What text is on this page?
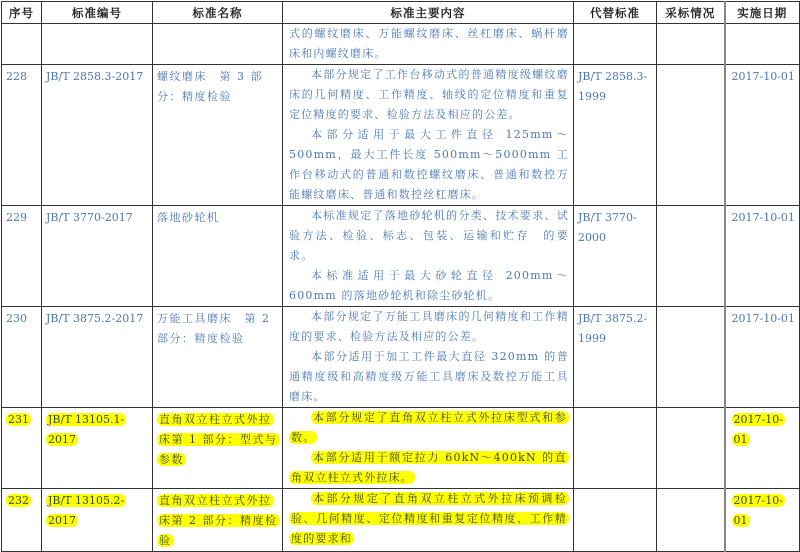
序号	标准编号	标准名称	标准主要内容	代替标准	采标情况	实施日期

			式的螺纹磨床、万能螺纹磨床、丝杠磨床、蜗杆磨床和内螺纹磨床。			

228	JB/T 2858.3-2017	螺纹磨床　第 3 部分：精度检验	本部分规定了工作台移动式的普通精度级螺纹磨床的几何精度、工作精度、轴线的定位精度和重复定位精度的要求、检验方法及相应的公差。
本部分适用于最大工件直径 125mm～500mm，最大工件长度 500mm～5000mm 工作台移动式的普通和数控螺纹磨床、普通和数控万能螺纹磨床、普通和数控丝杠磨床。	JB/T 2858.3-1999		2017-10-01
229	JB/T 3770-2017	落地砂轮机	本标准规定了落地砂轮机的分类、技术要求、试验方法、检验、标志、包装、运输和贮存　的要求。
本标准适用于最大砂轮直径 200mm～600mm 的落地砂轮机和除尘砂轮机。	JB/T 3770-2000		2017-10-01
230	JB/T 3875.2-2017	万能工具磨床　第 2 部分：精度检验	本部分规定了万能工具磨床的几何精度和工作精度的要求、检验方法及相应的公差。
本部分适用于加工工件最大直径 320mm 的普通精度级和高精度级万能工具磨床及数控万能工具磨床。	JB/T 3875.2-1999		2017-10-01
231	JB/T 13105.1-2017	直角双立柱立式外拉床第 1 部分：型式与参数	本部分规定了直角双立柱立式外拉床型式和参数。
本部分适用于额定拉力 60kN～400kN 的直角双立柱立式外拉床。			2017-10-01
232	JB/T 13105.2-2017	直角双立柱立式外拉床第 2 部分：精度检验	本部分规定了直角双立柱立式外拉床预调检验、几何精度、定位精度和重复定位精度、工作精度的要求和			2017-10-01
